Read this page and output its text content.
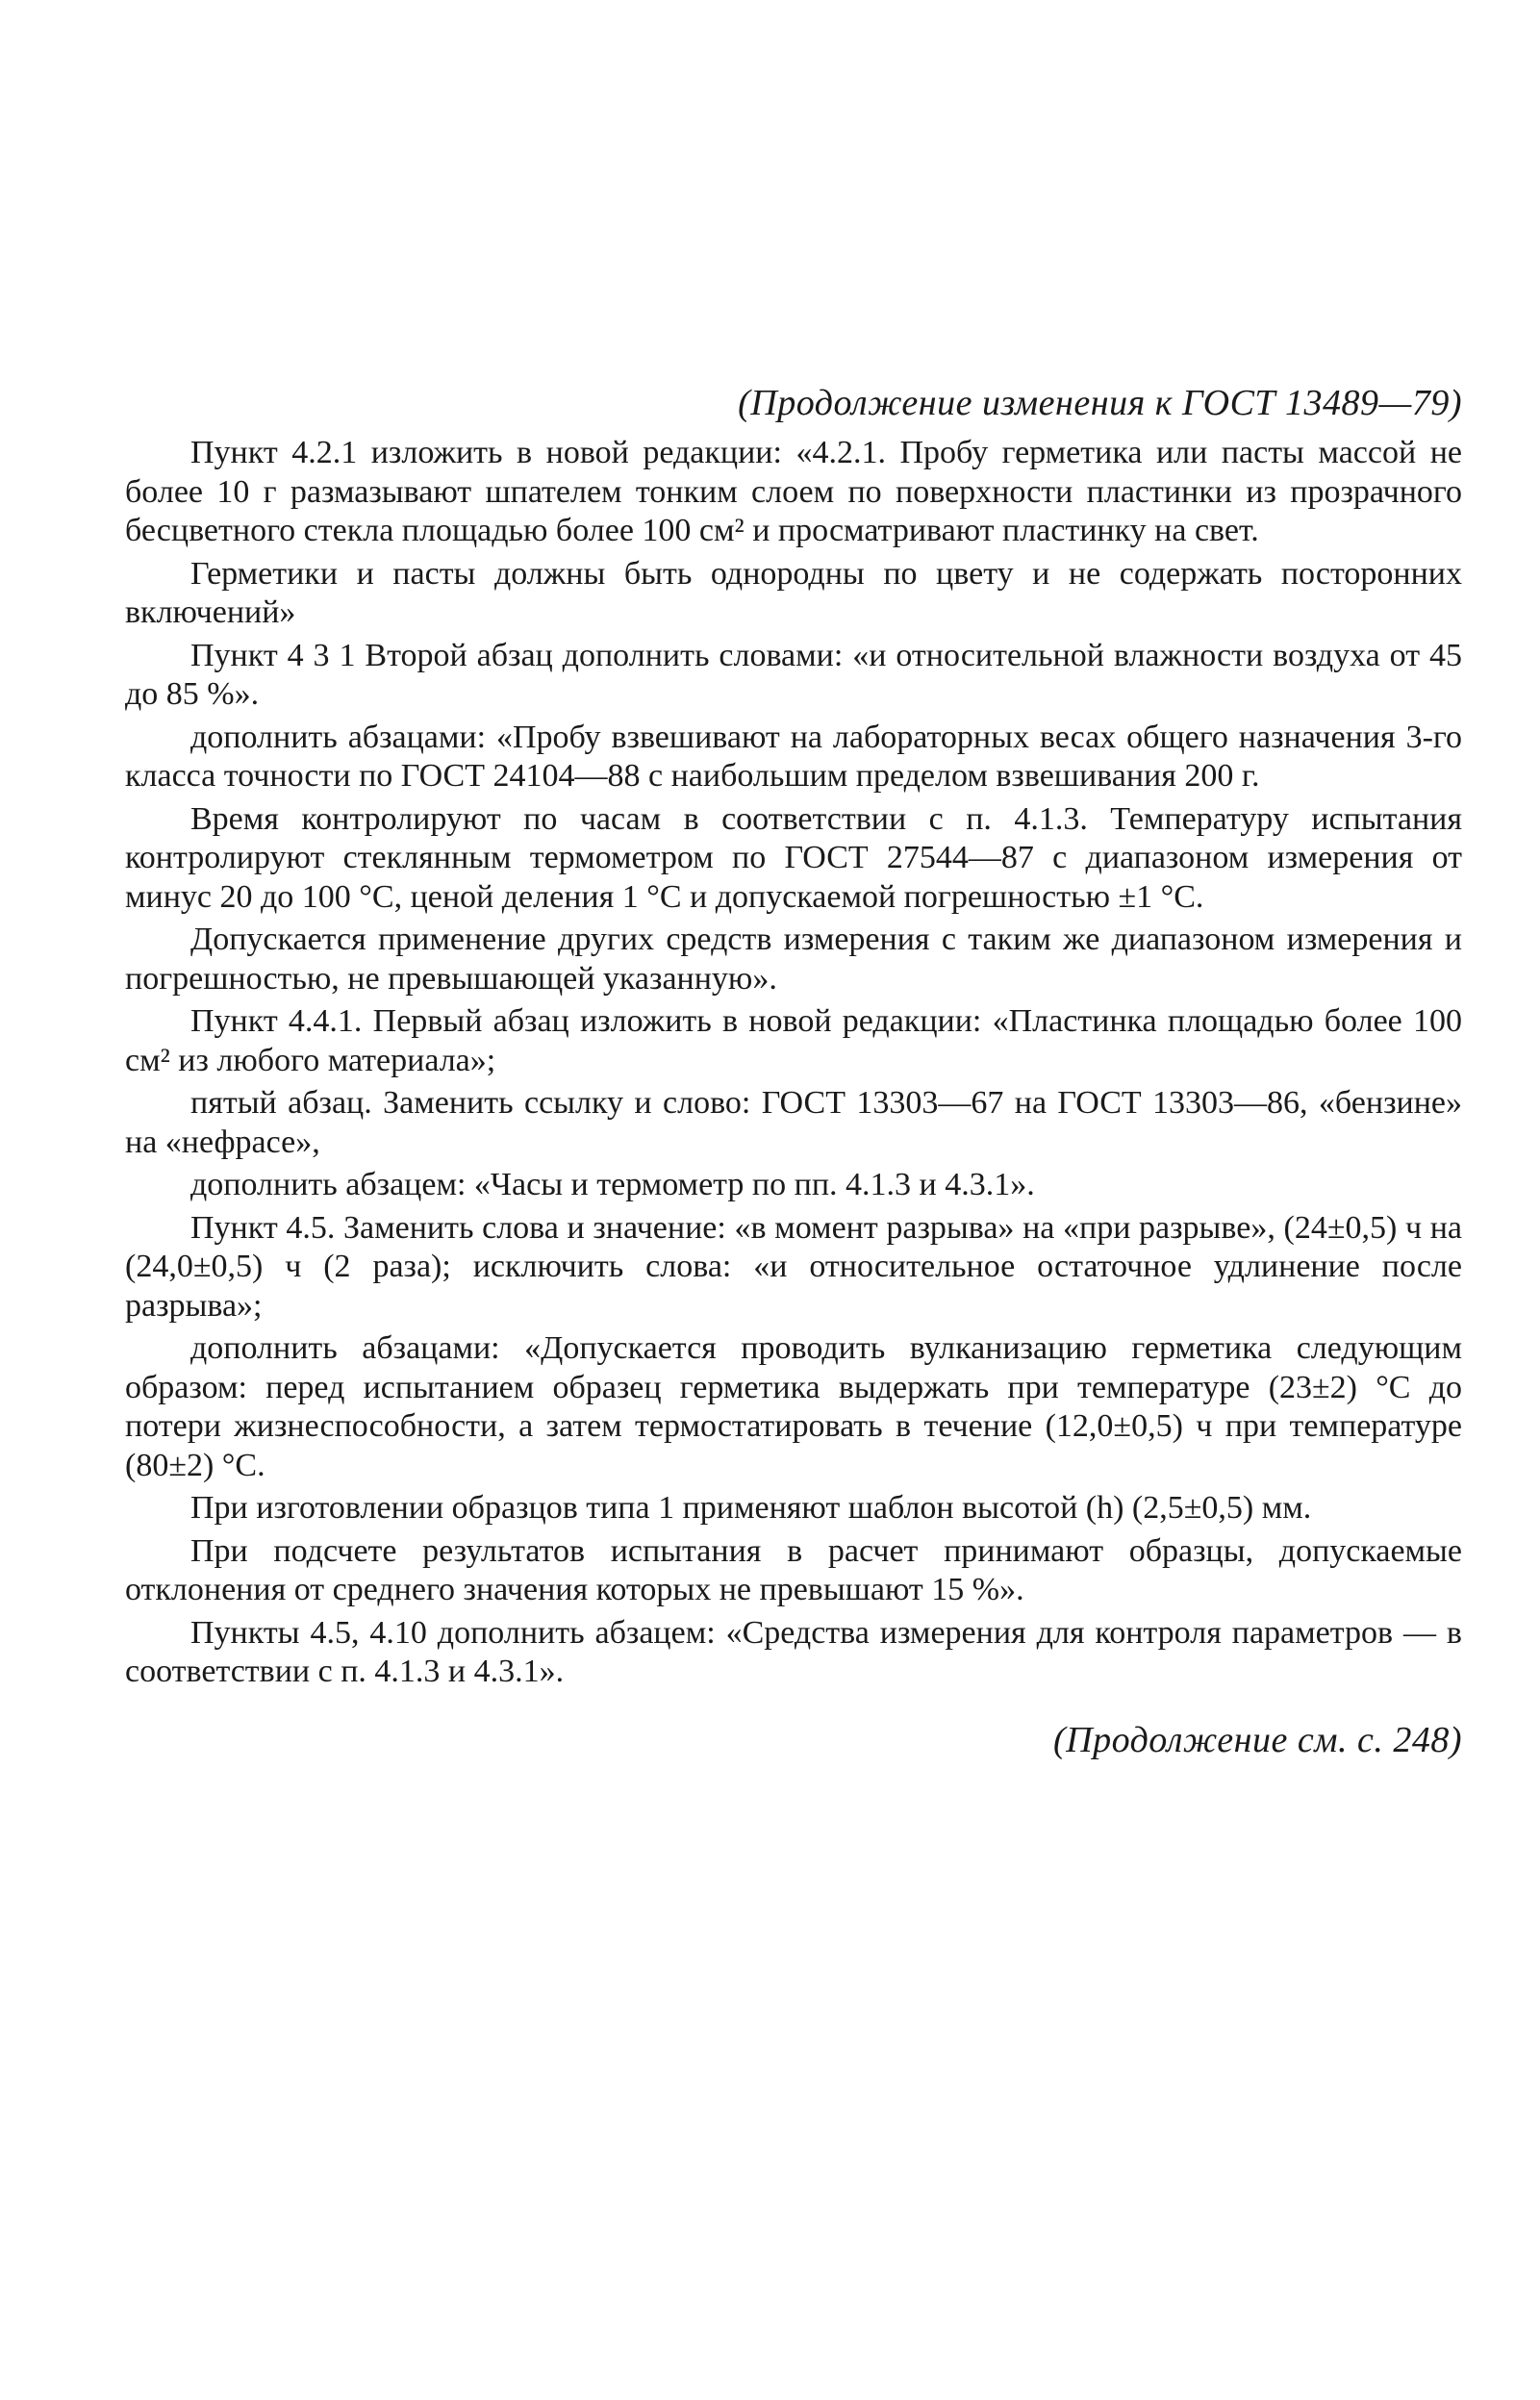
(Продолжение изменения к ГОСТ 13489—79)
Пункт 4.2.1 изложить в новой редакции: «4.2.1. Пробу герметика или пасты массой не более 10 г размазывают шпателем тонким слоем по поверхности пластинки из прозрачного бесцветного стекла площадью более 100 см² и просматривают пластинку на свет.
Герметики и пасты должны быть однородны по цвету и не содержать посторонних включений»
Пункт 4 3 1 Второй абзац дополнить словами: «и относительной влажности воздуха от 45 до 85 %».
дополнить абзацами: «Пробу взвешивают на лабораторных весах общего назначения 3-го класса точности по ГОСТ 24104—88 с наибольшим пределом взвешивания 200 г.
Время контролируют по часам в соответствии с п. 4.1.3. Температуру испытания контролируют стеклянным термометром по ГОСТ 27544—87 с диапазоном измерения от минус 20 до 100 °С, ценой деления 1 °С и допускаемой погрешностью ±1 °С.
Допускается применение других средств измерения с таким же диапазоном измерения и погрешностью, не превышающей указанную».
Пункт 4.4.1. Первый абзац изложить в новой редакции: «Пластинка площадью более 100 см² из любого материала»;
пятый абзац. Заменить ссылку и слово: ГОСТ 13303—67 на ГОСТ 13303—86, «бензине» на «нефрасе»,
дополнить абзацем: «Часы и термометр по пп. 4.1.3 и 4.3.1».
Пункт 4.5. Заменить слова и значение: «в момент разрыва» на «при разрыве», (24±0,5) ч на (24,0±0,5) ч (2 раза); исключить слова: «и относительное остаточное удлинение после разрыва»;
дополнить абзацами: «Допускается проводить вулканизацию герметика следующим образом: перед испытанием образец герметика выдержать при температуре (23±2) °С до потери жизнеспособности, а затем термостатировать в течение (12,0±0,5) ч при температуре (80±2) °С.
При изготовлении образцов типа 1 применяют шаблон высотой (h) (2,5±0,5) мм.
При подсчете результатов испытания в расчет принимают образцы, допускаемые отклонения от среднего значения которых не превышают 15 %».
Пункты 4.5, 4.10 дополнить абзацем: «Средства измерения для контроля параметров — в соответствии с п. 4.1.3 и 4.3.1».
(Продолжение см. с. 248)
